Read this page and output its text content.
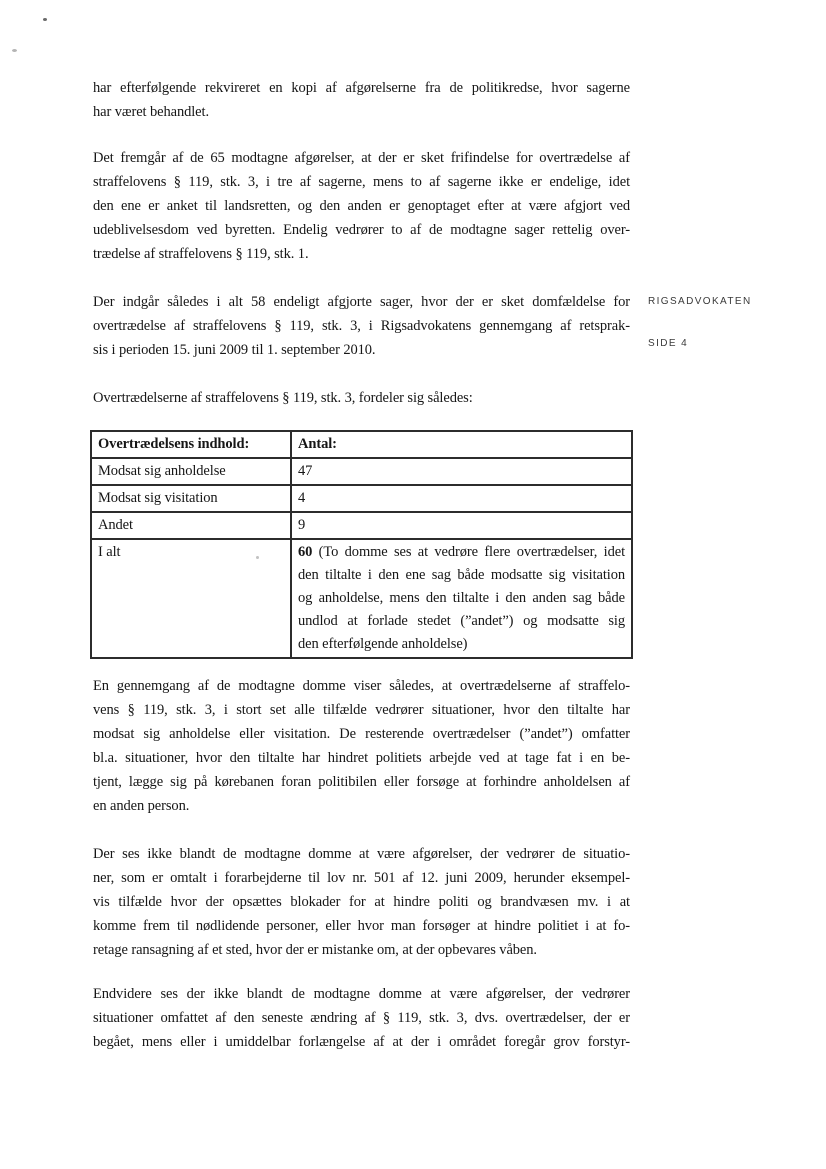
har efterfølgende rekvireret en kopi af afgørelserne fra de politikredse, hvor sagerne
har været behandlet.
Det fremgår af de 65 modtagne afgørelser, at der er sket frifindelse for overtrædelse af
straffelovens § 119, stk. 3, i tre af sagerne, mens to af sagerne ikke er endelige, idet
den ene er anket til landsretten, og den anden er genoptaget efter at være afgjort ved
udeblivelsesdom ved byretten. Endelig vedrører to af de modtagne sager rettelig over-
trædelse af straffelovens § 119, stk. 1.
Der indgår således i alt 58 endeligt afgjorte sager, hvor der er sket domfældelse for
overtrædelse af straffelovens § 119, stk. 3, i Rigsadvokatens gennemgang af retsprak-
sis i perioden 15. juni 2009 til 1. september 2010.
RIGSADVOKATEN
SIDE 4
Overtrædelserne af straffelovens § 119, stk. 3, fordeler sig således:
Overtrædelsens indhold:	Antal:
Modsat sig anholdelse	47
Modsat sig visitation	4
Andet	9
I alt	60 (To domme ses at vedrøre flere overtrædelser, idet
den tiltalte i den ene sag både modsatte sig visitation
og anholdelse, mens den tiltalte i den anden sag både
undlod at forlade stedet (”andet”) og modsatte sig
den efterfølgende anholdelse)
En gennemgang af de modtagne domme viser således, at overtrædelserne af straffelo-
vens § 119, stk. 3, i stort set alle tilfælde vedrører situationer, hvor den tiltalte har
modsat sig anholdelse eller visitation. De resterende overtrædelser (”andet”) omfatter
bl.a. situationer, hvor den tiltalte har hindret politiets arbejde ved at tage fat i en be-
tjent, lægge sig på kørebanen foran politibilen eller forsøge at forhindre anholdelsen af
en anden person.
Der ses ikke blandt de modtagne domme at være afgørelser, der vedrører de situatio-
ner, som er omtalt i forarbejderne til lov nr. 501 af 12. juni 2009, herunder eksempel-
vis tilfælde hvor der opsættes blokader for at hindre politi og brandvæsen mv. i at
komme frem til nødlidende personer, eller hvor man forsøger at hindre politiet i at fo-
retage ransagning af et sted, hvor der er mistanke om, at der opbevares våben.
Endvidere ses der ikke blandt de modtagne domme at være afgørelser, der vedrører
situationer omfattet af den seneste ændring af § 119, stk. 3, dvs. overtrædelser, der er
begået, mens eller i umiddelbar forlængelse af at der i området foregår grov forstyr-
